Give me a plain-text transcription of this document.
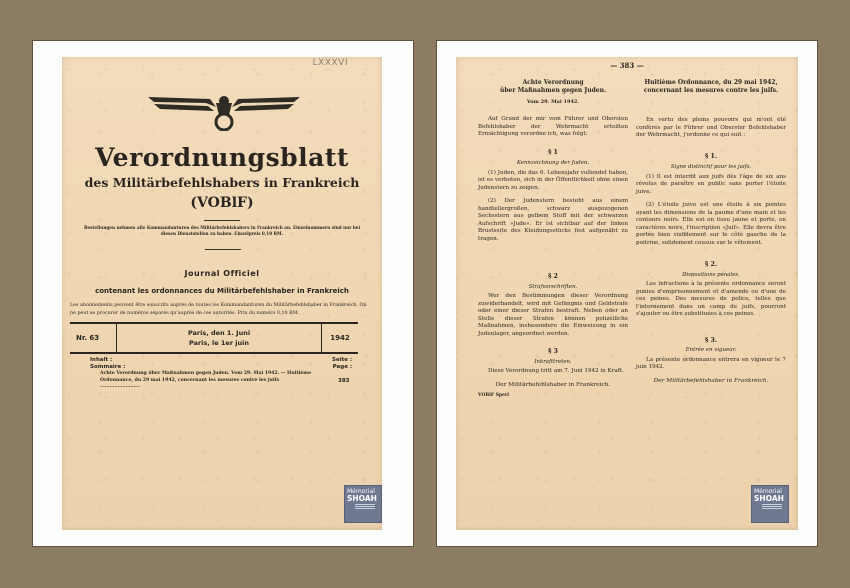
LXXXVI
Verordnungsblatt
des Militärbefehlshabers in Frankreich
(VOBlF)
Bestellungen nehmen alle Kommandanturen des Militärbefehlshabers in Frankreich an. Einzelnummern sind nur bei diesen Dienststellen zu haben. Einzelpreis 0,10 RM.
Journal Officiel
contenant les ordonnances du Militärbefehlshaber in Frankreich
Les abonnements peuvent être souscrits auprès de toutes les Kommandanturen du Militärbefehlshaber in Frankreich. On ne peut se procurer de numéros séparés qu'auprès de ces autorités. Prix du numéro 0,10 RM.
Nr. 63
Paris, den 1. Juni
Paris, le 1er juin
1942
Inhalt :
Sommaire :
Seite :
Page :
Achte Verordnung über Maßnahmen gegen Juden. Vom 29. Mai 1942. — Huitième Ordonnance, du 29 mai 1942, concernant les mesures contre les juifs .........................
383
Mémorial
SHOAH
— 383 —
Achte Verordnung
über Maßnahmen gegen Juden.
Vom 29. Mai 1942.
Auf Grund der mir vom Führer und Obersten Befehlshaber der Wehrmacht erteilten Ermächtigung verordne ich, was folgt:
§ 1
Kennzeichnung der Juden.
(1) Juden, die das 6. Lebensjahr vollendet haben, ist es verboten, sich in der Öffentlichkeit ohne einen Judenstern zu zeigen.
(2) Der Judenstern besteht aus einem handtellergroßen, schwarz ausgezogenen Sechsstern aus gelbem Stoff mit der schwarzen Aufschrift »Jude«. Er ist sichtbar auf der linken Brustseite des Kleidungsstücks fest aufgenäht zu tragen.
§ 2
Strafvorschriften.
Wer den Bestimmungen dieser Verordnung zuwiderhandelt, wird mit Gefängnis und Geldstrafe oder einer dieser Strafen bestraft. Neben oder an Stelle dieser Strafen können polizeiliche Maßnahmen, insbesondere die Einweisung in ein Judenlager, angeordnet werden.
§ 3
Inkrafttreten.
Diese Verordnung tritt am 7. Juni 1942 in Kraft.
Der Militärbefehlshaber in Frankreich.
VOBlF Sperl
Huitième Ordonnance, du 29 mai 1942,
concernant les mesures contre les juifs.
En vertu des pleins pouvoirs qui m'ont été conférés par le Führer und Oberster Befehlshaber der Wehrmacht, j'ordonne ce qui suit :
§ 1.
Signe distinctif pour les juifs.
(1) Il est interdit aux juifs dès l'âge de six ans révolus de paraître en public sans porter l'étoile juive.
(2) L'étoile juive est une étoile à six pointes ayant les dimensions de la paume d'une main et les contours noirs. Elle est en tissu jaune et porte, en caractères noirs, l'inscription «Juif». Elle devra être portée bien visiblement sur le côté gauche de la poitrine, solidement cousue sur le vêtement.
§ 2.
Dispositions pénales.
Les infractions à la présente ordonnance seront punies d'emprisonnement et d'amende ou d'une de ces peines. Des mesures de police, telles que l'internement dans un camp de juifs, pourront s'ajouter ou être substituées à ces peines.
§ 3.
Entrée en vigueur.
La présente ordonnance entrera en vigueur le 7 juin 1942.
Der Militärbefehlshaber in Frankreich.
Mémorial
SHOAH
